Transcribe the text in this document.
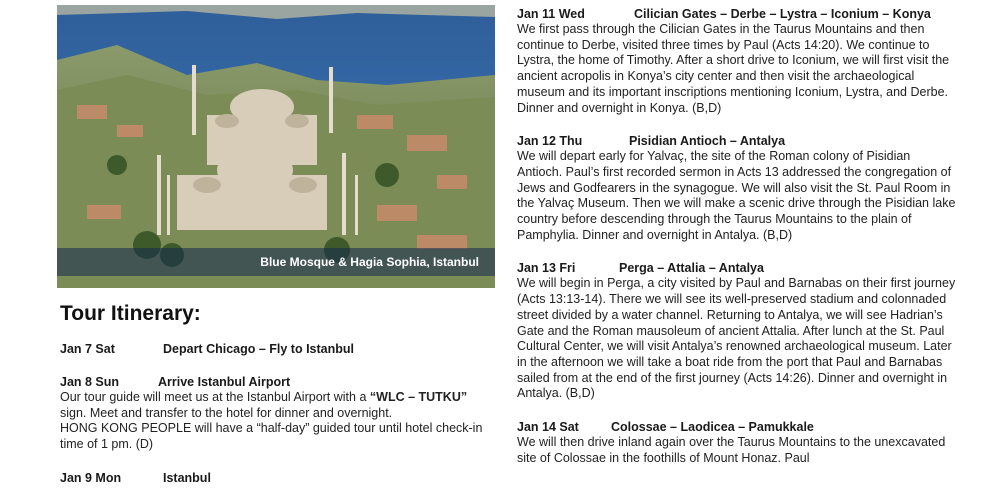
Blue Mosque & Hagia Sophia, Istanbul
Tour Itinerary:
Jan 7 Sat	Depart Chicago – Fly to Istanbul
Jan 8 Sun	Arrive Istanbul Airport

Our tour guide will meet us at the Istanbul Airport with a “WLC – TUTKU” sign. Meet and transfer to the hotel for dinner and overnight.

HONG KONG PEOPLE will have a “half-day” guided tour until hotel check-in time of 1 pm. (D)

Jan 9 Mon	Istanbul
Jan 11 Wed	Cilician Gates – Derbe – Lystra – Iconium – Konya

We first pass through the Cilician Gates in the Taurus Mountains and then continue to Derbe, visited three times by Paul (Acts 14:20). We continue to Lystra, the home of Timothy. After a short drive to Iconium, we will first visit the ancient acropolis in Konya’s city center and then visit the archaeological museum and its important inscriptions mentioning Iconium, Lystra, and Derbe. Dinner and overnight in Konya. (B,D)

Jan 12 Thu	Pisidian Antioch – Antalya

We will depart early for Yalvaç, the site of the Roman colony of Pisidian Antioch. Paul’s first recorded sermon in Acts 13 addressed the congregation of Jews and Godfearers in the synagogue. We will also visit the St. Paul Room in the Yalvaç Museum. Then we will make a scenic drive through the Pisidian lake country before descending through the Taurus Mountains to the plain of Pamphylia. Dinner and overnight in Antalya. (B,D)

Jan 13 Fri	Perga – Attalia – Antalya

We will begin in Perga, a city visited by Paul and Barnabas on their first journey (Acts 13:13-14). There we will see its well-preserved stadium and colonnaded street divided by a water channel. Returning to Antalya, we will see Hadrian’s Gate and the Roman mausoleum of ancient Attalia. After lunch at the St. Paul Cultural Center, we will visit Antalya’s renowned archaeological museum. Later in the afternoon we will take a boat ride from the port that Paul and Barnabas sailed from at the end of the first journey (Acts 14:26). Dinner and overnight in Antalya. (B,D)

Jan 14 Sat	Colossae – Laodicea – Pamukkale

We will then drive inland again over the Taurus Mountains to the unexcavated site of Colossae in the foothills of Mount Honaz. Paul
